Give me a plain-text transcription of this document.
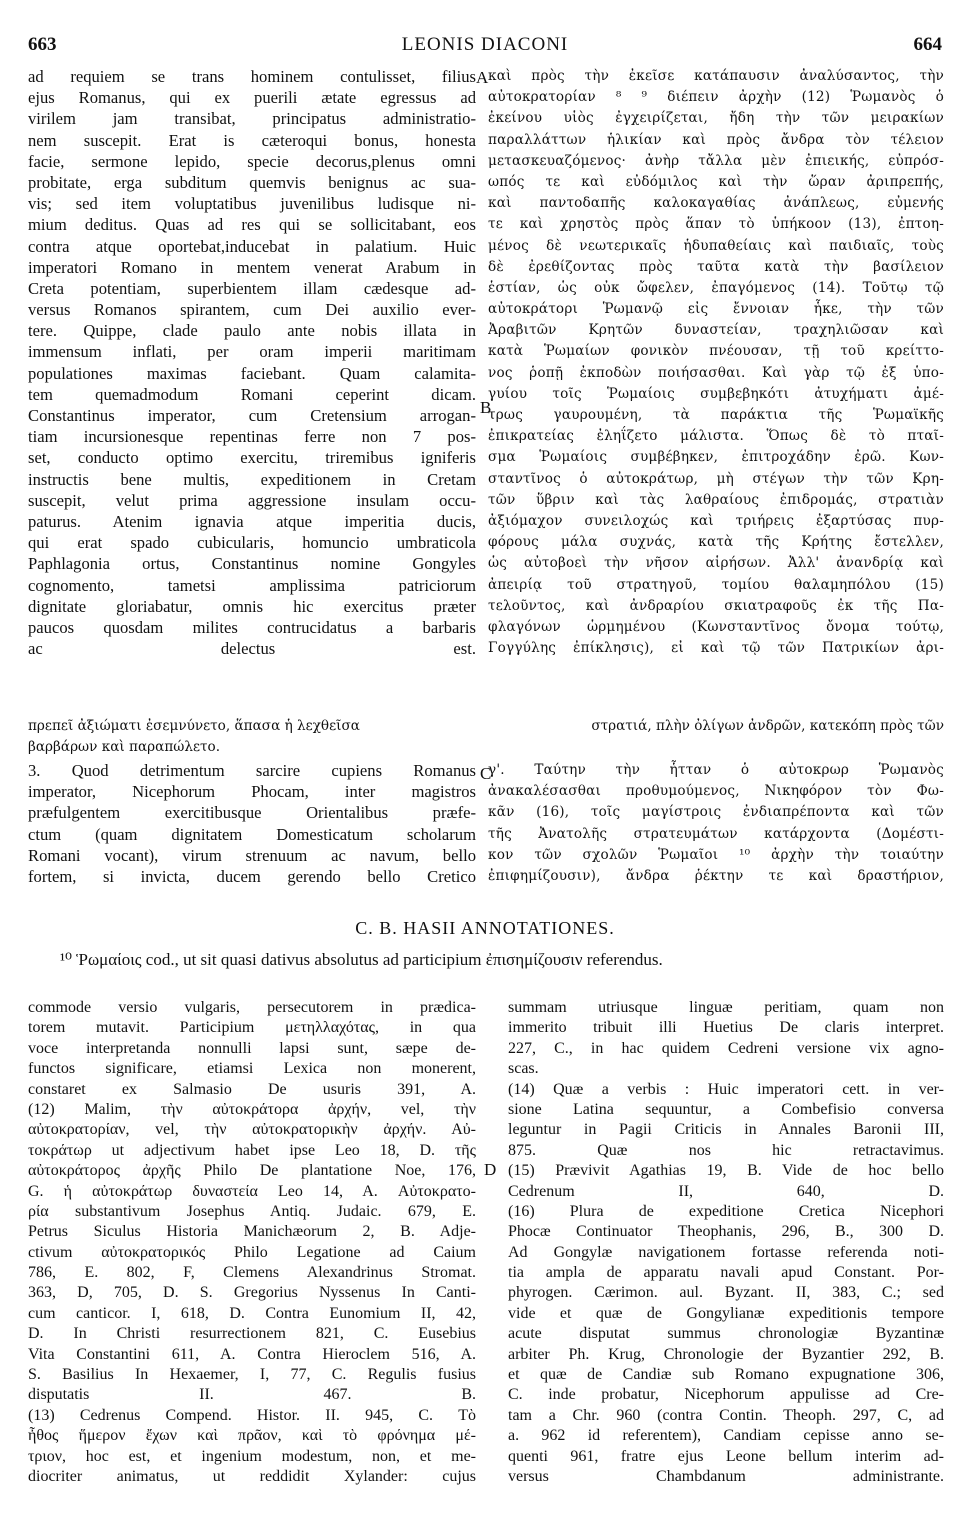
663	LEONIS DIACONI	664
ad requiem se trans hominem contulisset, filius
ejus Romanus, qui ex puerili ætate egressus ad
virilem jam transibat, principatus administratio-
nem suscepit. Erat is cæteroqui bonus, honesta
facie, sermone lepido, specie decorus,plenus omni
probitate, erga subditum quemvis benignus ac sua-
vis; sed item voluptatibus juvenilibus ludisque ni-
mium deditus. Quas ad res qui se sollicitabant, eos
contra atque oportebat,inducebat in palatium. Huic
imperatori Romano in mentem venerat Arabum in
Creta potentiam, superbientem illam cædesque ad-
versus Romanos spirantem, cum Dei auxilio ever-
tere. Quippe, clade paulo ante nobis illata in
immensum inflati, per oram imperii maritimam
populationes maximas faciebant. Quam calamita-
tem quemadmodum Romani ceperint dicam.
Constantinus imperator, cum Cretensium arrogan-
tiam incursionesque repentinas ferre non 7 pos-
set, conducto optimo exercitu, triremibus igniferis
instructis bene multis, expeditionem in Cretam
suscepit, velut prima aggressione insulam occu-
paturus. Atenim ignavia atque imperitia ducis,
qui erat spado cubicularis, homuncio umbraticola
Paphlagonia ortus, Constantinus nomine Gongyles
cognomento, tametsi amplissima patriciorum
dignitate gloriabatur, omnis hic exercitus præter
paucos quosdam milites contrucidatus a barbaris
ac delectus est.
καὶ πρὸς τὴν ἐκεῖσε κατάπαυσιν ἀναλύσαντος, τὴν
αὐτοκρατορίαν ⁸ ⁹ διέπειν ἀρχὴν (12) Ῥωμανὸς ὁ
ἐκείνου υἱὸς ἐγχειρίζεται, ἤδη τὴν τῶν μειρακίων
παραλλάττων ἡλικίαν καὶ πρὸς ἄνδρα τὸν τέλειον
μετασκευαζόμενος· ἀνὴρ τἄλλα μὲν ἐπιεικής, εὐπρόσ-
ωπός τε καὶ εὐδόμιλος καὶ τὴν ὥραν ἀριπρεπής,
καὶ παντοδαπῆς καλοκαγαθίας ἀνάπλεως, εὐμενής
τε καὶ χρηστὸς πρὸς ἅπαν τὸ ὑπήκοον (13), ἐπτοη-
μένος δὲ νεωτερικαῖς ἡδυπαθείαις καὶ παιδιαῖς, τοὺς
δὲ ἐρεθίζοντας πρὸς ταῦτα κατὰ τὴν βασίλειον
ἑστίαν, ὡς οὐκ ὤφελεν, ἐπαγόμενος (14). Τοῦτῳ τῷ
αὐτοκράτορι Ῥωμανῷ εἰς ἔννοιαν ἧκε, τὴν τῶν
Ἀραβιτῶν Κρητῶν δυναστείαν, τραχηλιῶσαν καὶ
κατὰ Ῥωμαίων φονικὸν πνέουσαν, τῇ τοῦ κρείττο-
νος ῥοπῇ ἐκποδὼν ποιήσασθαι. Καὶ γὰρ τῷ ἐξ ὑπο-
γυίου τοῖς Ῥωμαίοις συμβεβηκότι ἀτυχήματι ἀμέ-
τρως γαυρουμένη, τὰ παράκτια τῆς Ῥωμαϊκῆς
ἐπικρατείας ἐληΐζετο μάλιστα. Ὅπως δὲ τὸ πταῖ-
σμα Ῥωμαίοις συμβέβηκεν, ἐπιτροχάδην ἐρῶ. Κων-
σταντῖνος ὁ αὐτοκράτωρ, μὴ στέγων τὴν τῶν Κρη-
τῶν ὕβριν καὶ τὰς λαθραίους ἐπιδρομάς, στρατιὰν
ἀξιόμαχον συνειλοχώς καὶ τριήρεις ἐξαρτύσας πυρ-
φόρους μάλα συχνάς, κατὰ τῆς Κρήτης ἔστελλεν,
ὡς αὐτοβοεὶ τὴν νῆσον αἱρήσων. Ἀλλ' ἀνανδρίᾳ καὶ
ἀπειρίᾳ τοῦ στρατηγοῦ, τομίου θαλαμηπόλου (15)
τελοῦντος, καὶ ἀνδραρίου σκιατραφοῦς ἐκ τῆς Πα-
φλαγόνων ὡρμημένου (Κωνσταντῖνος ὄνομα τούτῳ,
Γογγύλης ἐπίκλησις), εἰ καὶ τῷ τῶν Πατρικίων ἀρι-
A
B
πρεπεῖ ἀξιώματι ἐσεμνύνετο, ἅπασα ἡ λεχθεῖσα	στρατιά, πλὴν ὀλίγων ἀνδρῶν, κατεκόπη πρὸς τῶν
βαρβάρων καὶ παραπώλετο.
3. Quod detrimentum sarcire cupiens Romanus
imperator, Nicephorum Phocam, inter magistros
præfulgentem exercitibusque Orientalibus præfe-
ctum (quam dignitatem Domesticatum scholarum
Romani vocant), virum strenuum ac navum, bello
fortem, si invicta, ducem gerendo bello Cretico
γ'. Ταύτην τὴν ἧτταν ὁ αὐτοκρωρ Ῥωμανὸς
ἀνακαλέσασθαι προθυμούμενος, Νικηφόρον τὸν Φω-
κᾶν (16), τοῖς μαγίστροις ἐνδιαπρέποντα καὶ τῶν
τῆς Ἀνατολῆς στρατευμάτων κατάρχοντα (Δομέστι-
κον τῶν σχολῶν Ῥωμαῖοι ¹⁰ ἀρχὴν τὴν τοιαύτην
ἐπιφημίζουσιν), ἄνδρα ῥέκτην τε καὶ δραστήριον,
C
C. B. HASII ANNOTATIONES.
¹⁰ Ῥωμαίοις cod., ut sit quasi dativus absolutus ad participium ἐπισημίζουσιν referendus.
commode versio vulgaris, persecutorem in prædica-
torem mutavit. Participium μετηλλαχότας, in qua
voce interpretanda nonnulli lapsi sunt, sæpe de-
functos significare, etiamsi Lexica non monerent,
constaret ex Salmasio De usuris 391, A.
(12) Malim, τὴν αὐτοκράτορα ἀρχήν, vel, τὴν
αὐτοκρατορίαν, vel, τὴν αὐτοκρατορικὴν ἀρχήν. Αὐ-
τοκράτωρ ut adjectivum habet ipse Leo 18, D. τῆς
αὐτοκράτορος ἀρχῆς Philo De plantatione Noe, 176,
G. ἡ αὐτοκράτωρ δυναστεία Leo 14, A. Αὐτοκρατο-
ρία substantivum Josephus Antiq. Judaic. 679, E.
Petrus Siculus Historia Manichæorum 2, B. Adje-
ctivum αὐτοκρατορικός Philo Legatione ad Caium
786, E. 802, F, Clemens Alexandrinus Stromat.
363, D, 705, D. S. Gregorius Nyssenus In Canti-
cum canticor. I, 618, D. Contra Eunomium II, 42,
D. In Christi resurrectionem 821, C. Eusebius
Vita Constantini 611, A. Contra Hieroclem 516, A.
S. Basilius In Hexaemer, I, 77, C. Regulis fusius
disputatis II. 467. B.
(13) Cedrenus Compend. Histor. II. 945, C. Τὸ
ἦθος ἥμερον ἔχων καὶ πρᾶον, καὶ τὸ φρόνημα μέ-
τριον, hoc est, et ingenium modestum, non, et me-
diocriter animatus, ut reddidit Xylander: cujus
summam utriusque linguæ peritiam, quam non
immerito tribuit illi Huetius De claris interpret.
227, C., in hac quidem Cedreni versione vix agno-
scas.
(14) Quæ a verbis : Huic imperatori cett. in ver-
sione Latina sequuntur, a Combefisio conversa
leguntur in Pagii Criticis in Annales Baronii III,
875. Quæ nos hic retractavimus.
(15) Prævivit Agathias 19, B. Vide de hoc bello
Cedrenum II, 640, D.
(16) Plura de expeditione Cretica Nicephori
Phocæ Continuator Theophanis, 296, B., 300 D.
Ad Gongylæ navigationem fortasse referenda noti-
tia ampla de apparatu navali apud Constant. Por-
phyrogen. Cærimon. aul. Byzant. II, 383, C.; sed
vide et quæ de Gongylianæ expeditionis tempore
acute disputat summus chronologiæ Byzantinæ
arbiter Ph. Krug, Chronologie der Byzantier 292, B.
et quæ de Candiæ sub Romano expugnatione 306,
C. inde probatur, Nicephorum appulisse ad Cre-
tam a Chr. 960 (contra Contin. Theoph. 297, C, ad
a. 962 id referentem), Candiam cepisse anno se-
quenti 961, fratre ejus Leone bellum interim ad-
versus Chambdanum administrante.
D
